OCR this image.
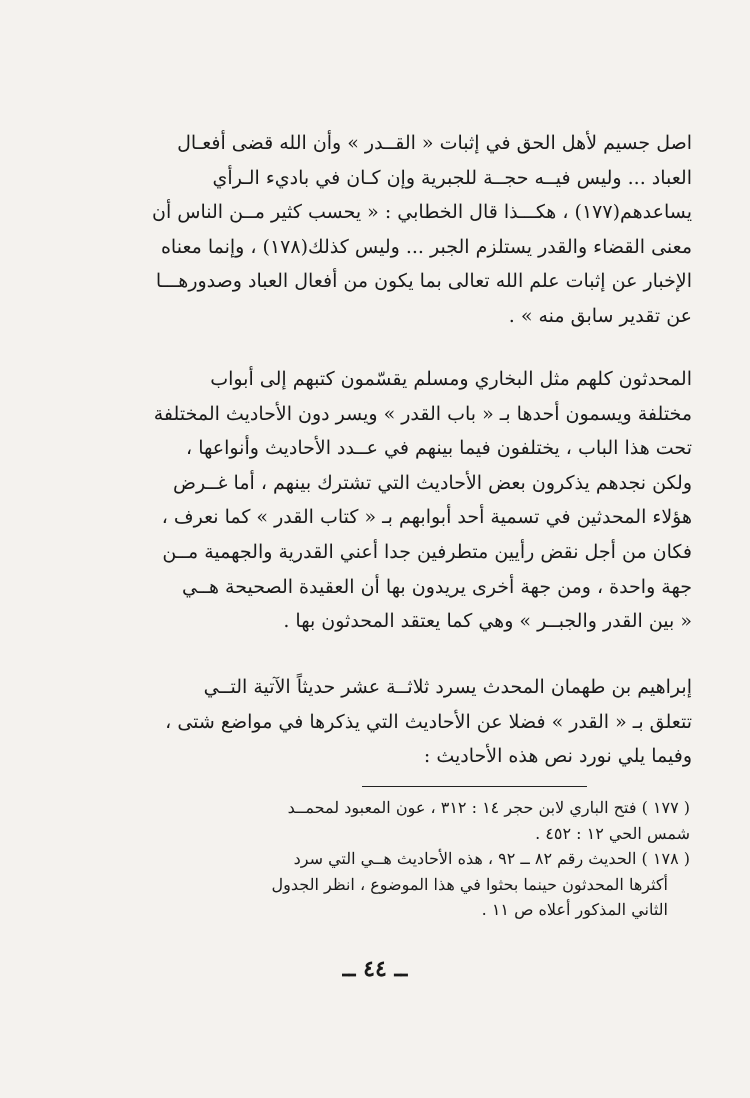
اصل جسيم لأهل الحق في إثبات « القــدر » وأن الله قضى أفعـال
العباد ... وليس فيــه حجــة للجبرية وإن كـان في باديء الـرأي
يساعدهم(١٧٧) ، هكـــذا قال الخطابي : « يحسب كثير مــن الناس أن
معنى القضاء والقدر يستلزم الجبر ... وليس كذلك(١٧٨) ، وإنما معناه
الإخبار عن إثبات علم الله تعالى بما يكون من أفعال العباد وصدورهـــا
عن تقدير سابق منه » .
المحدثون كلهم مثل البخاري ومسلم يقسّمون كتبهم إلى أبواب
مختلفة ويسمون أحدها بـ « باب القدر » ويسر دون الأحاديث المختلفة
تحت هذا الباب ، يختلفون فيما بينهم في عــدد الأحاديث وأنواعها ،
ولكن نجدهم يذكرون بعض الأحاديث التي تشترك بينهم ، أما غــرض
هؤلاء المحدثين في تسمية أحد أبوابهم بـ « كتاب القدر » كما نعرف ،
فكان من أجل نقض رأيين متطرفين جدا أعني القدرية والجهمية مــن
جهة واحدة ، ومن جهة أخرى يريدون بها أن العقيدة الصحيحة هــي
« بين القدر والجبــر » وهي كما يعتقد المحدثون بها .
إبراهيم بن طهمان المحدث يسرد ثلاثــة عشر حديثاً الآتية التــي
تتعلق بـ « القدر » فضلا عن الأحاديث التي يذكرها في مواضع شتى ،
وفيما يلي نورد نص هذه الأحاديث :
( ١٧٧ ) فتح الباري لابن حجر ١٤ : ٣١٢ ، عون المعبود لمحمــد
شمس الحي ١٢ : ٤٥٢ .
( ١٧٨ ) الحديث رقم ٨٢ ــ ٩٢ ، هذه الأحاديث هــي التي سرد
أكثرها المحدثون حينما بحثوا في هذا الموضوع ، انظر الجدول
الثاني المذكور أعلاه ص ١١ .
ــ ٤٤ ــ
